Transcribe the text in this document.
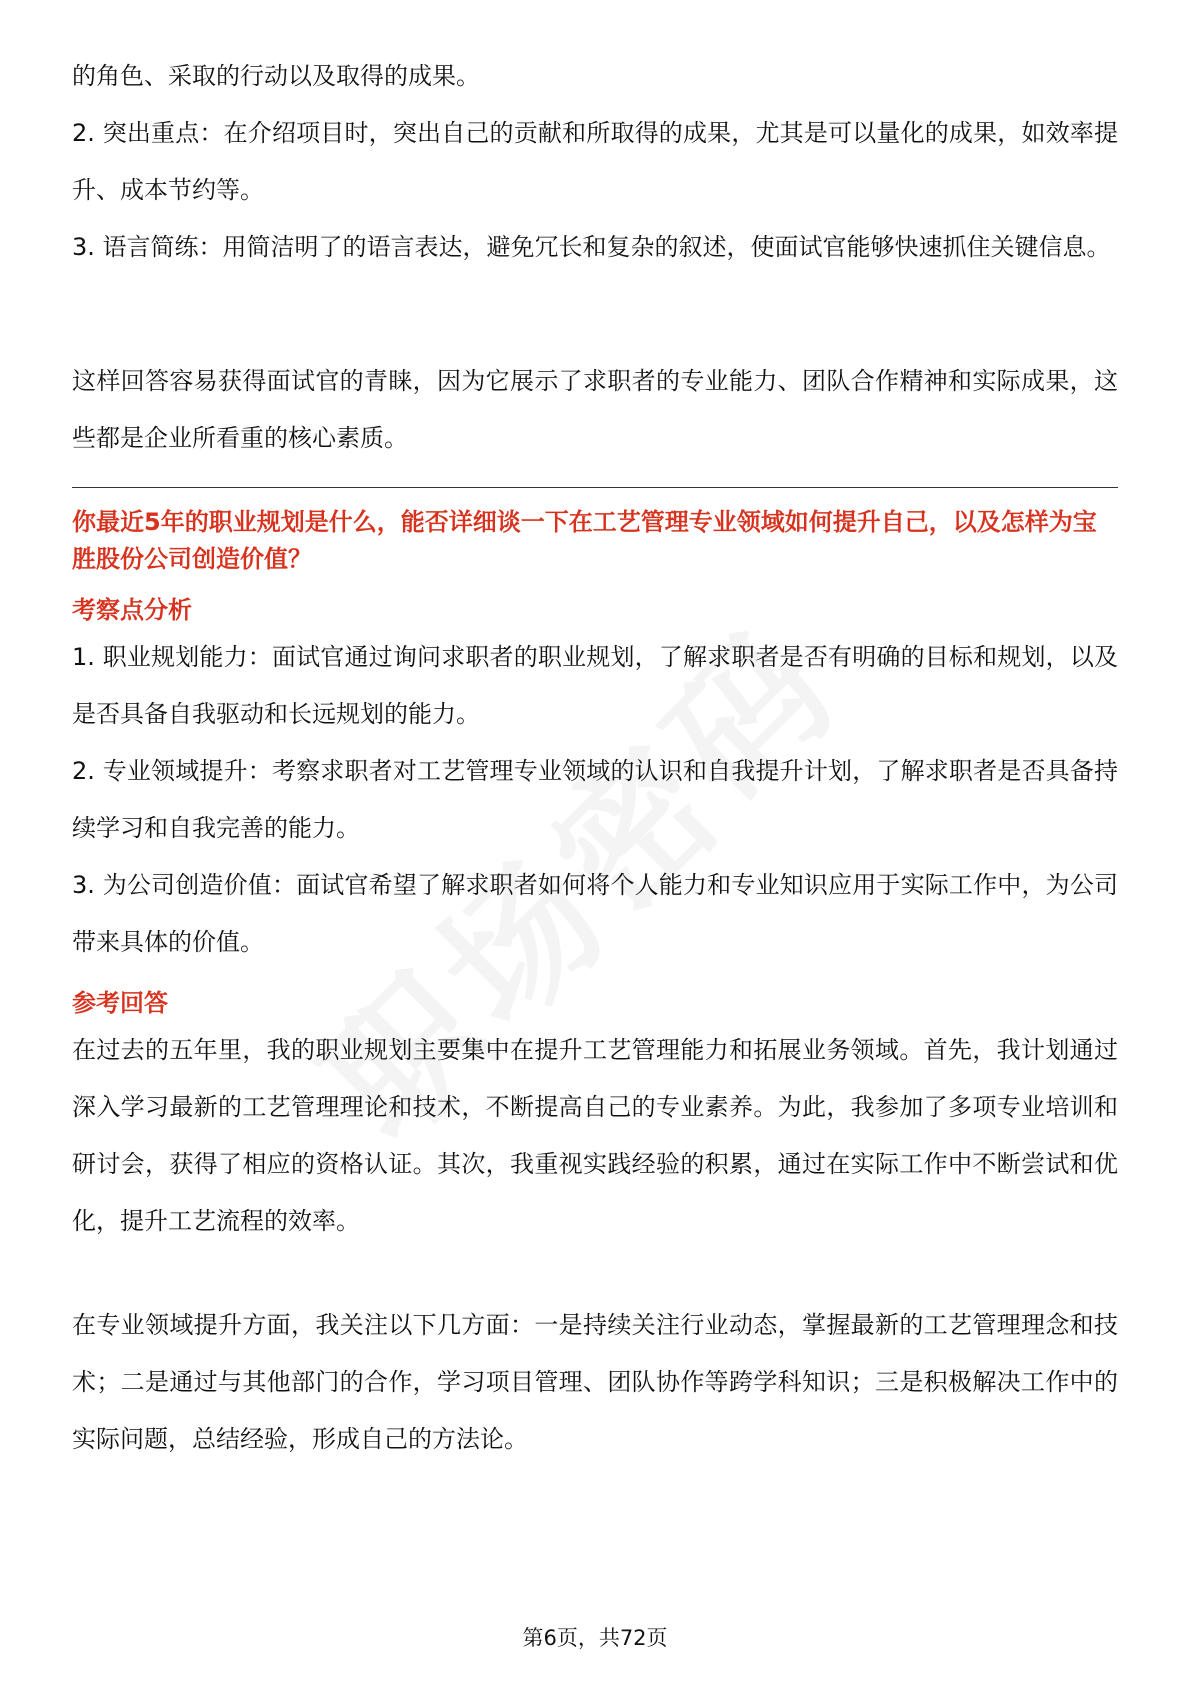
的角色、采取的行动以及取得的成果。

2. 突出重点：在介绍项目时，突出自己的贡献和所取得的成果，尤其是可以量化的成果，如效率提升、成本节约等。

3. 语言简练：用简洁明了的语言表达，避免冗长和复杂的叙述，使面试官能够快速抓住关键信息。

这样回答容易获得面试官的青睐，因为它展示了求职者的专业能力、团队合作精神和实际成果，这些都是企业所看重的核心素质。

你最近5年的职业规划是什么，能否详细谈一下在工艺管理专业领域如何提升自己，以及怎样为宝胜股份公司创造价值？

考察点分析

1. 职业规划能力：面试官通过询问求职者的职业规划，了解求职者是否有明确的目标和规划，以及是否具备自我驱动和长远规划的能力。

2. 专业领域提升：考察求职者对工艺管理专业领域的认识和自我提升计划，了解求职者是否具备持续学习和自我完善的能力。

3. 为公司创造价值：面试官希望了解求职者如何将个人能力和专业知识应用于实际工作中，为公司带来具体的价值。

参考回答

在过去的五年里，我的职业规划主要集中在提升工艺管理能力和拓展业务领域。首先，我计划通过深入学习最新的工艺管理理论和技术，不断提高自己的专业素养。为此，我参加了多项专业培训和研讨会，获得了相应的资格认证。其次，我重视实践经验的积累，通过在实际工作中不断尝试和优化，提升工艺流程的效率。

在专业领域提升方面，我关注以下几方面：一是持续关注行业动态，掌握最新的工艺管理理念和技术；二是通过与其他部门的合作，学习项目管理、团队协作等跨学科知识；三是积极解决工作中的实际问题，总结经验，形成自己的方法论。

第6页，共72页
